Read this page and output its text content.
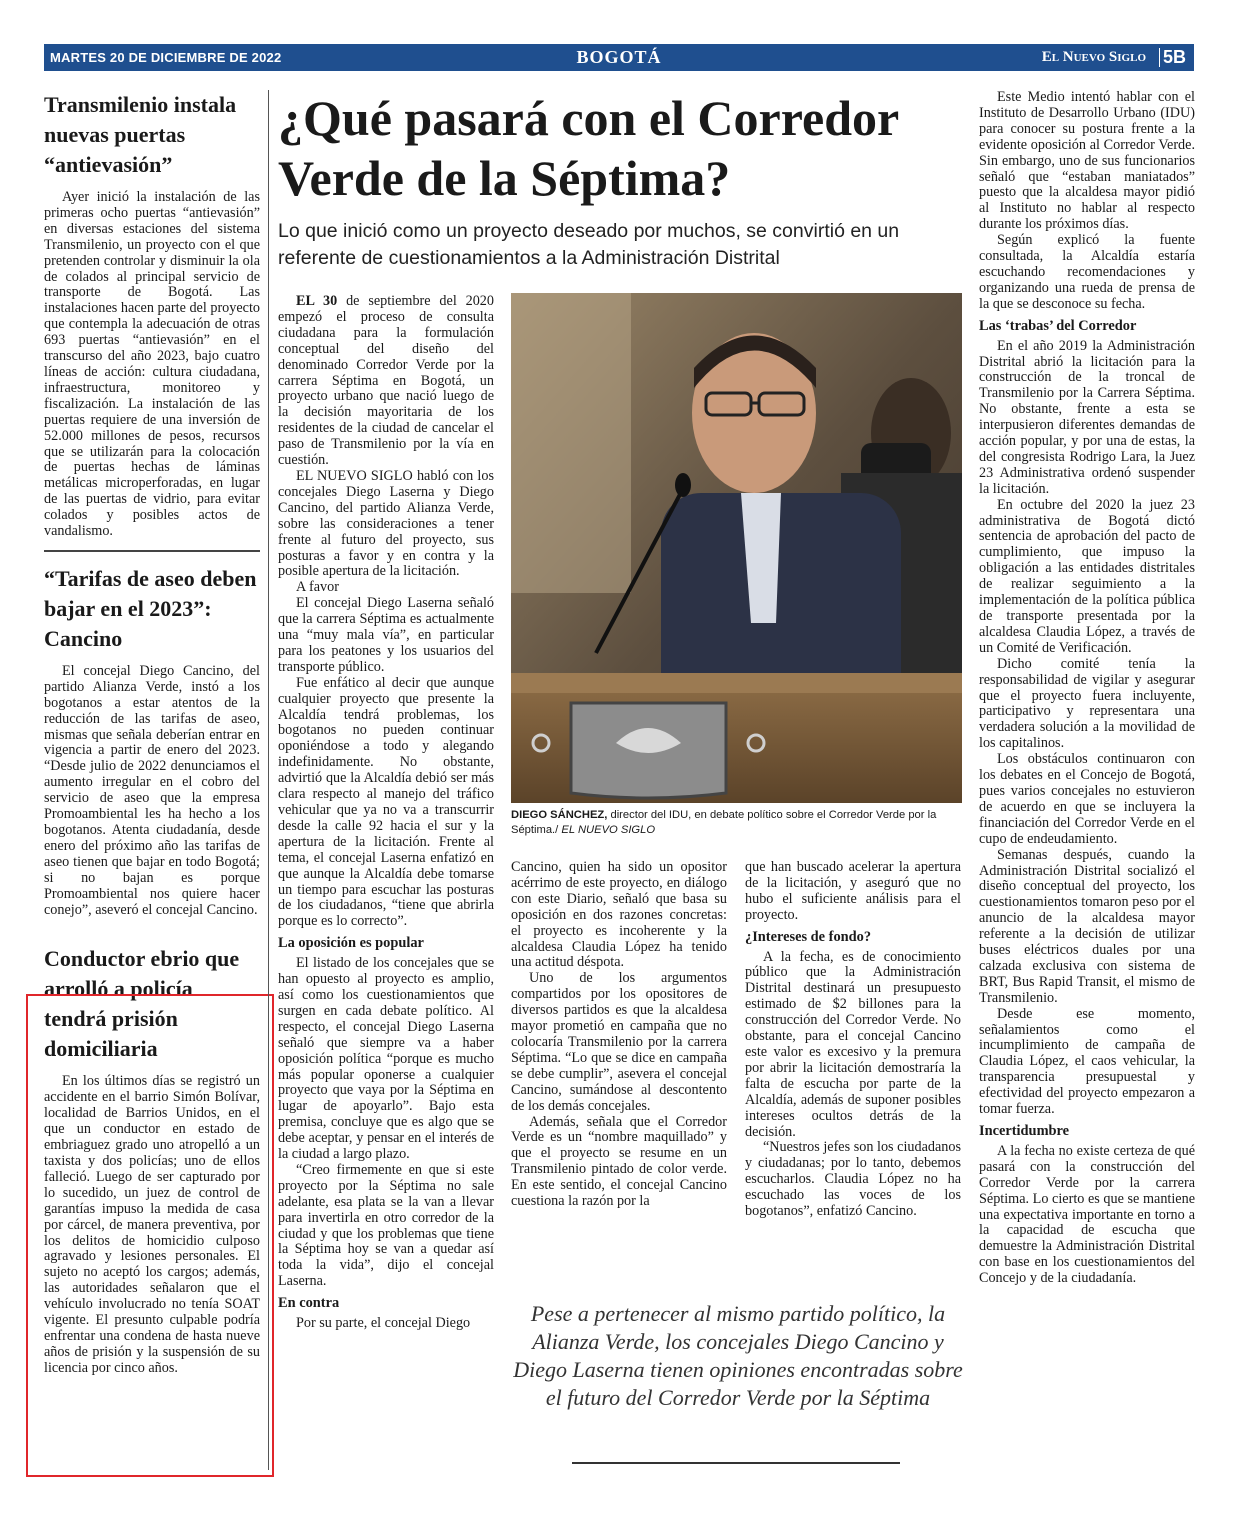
MARTES 20 DE DICIEMBRE DE 2022	BOGOTÁ	El Nuevo Siglo 5B
Transmilenio instala nuevas puertas “antievasión”

Ayer inició la instalación de las primeras ocho puertas “antievasión” en diversas estaciones del sistema Transmilenio, un proyecto con el que pretenden controlar y disminuir la ola de colados al principal servicio de transporte de Bogotá. Las instalaciones hacen parte del proyecto que contempla la adecuación de otras 693 puertas “antievasión” en el transcurso del año 2023, bajo cuatro líneas de acción: cultura ciudadana, infraestructura, monitoreo y fiscalización. La instalación de las puertas requiere de una inversión de 52.000 millones de pesos, recursos que se utilizarán para la colocación de puertas hechas de láminas metálicas microperforadas, en lugar de las puertas de vidrio, para evitar colados y posibles actos de vandalismo.

“Tarifas de aseo deben bajar en el 2023”: Cancino

El concejal Diego Cancino, del partido Alianza Verde, instó a los bogotanos a estar atentos de la reducción de las tarifas de aseo, mismas que señala deberían entrar en vigencia a partir de enero del 2023. “Desde julio de 2022 denunciamos el aumento irregular en el cobro del servicio de aseo que la empresa Promoambiental les ha hecho a los bogotanos. Atenta ciudadanía, desde enero del próximo año las tarifas de aseo tienen que bajar en todo Bogotá; si no bajan es porque Promoambiental nos quiere hacer conejo”, aseveró el concejal Cancino.

Conductor ebrio que arrolló a policía tendrá prisión domiciliaria

En los últimos días se registró un accidente en el barrio Simón Bolívar, localidad de Barrios Unidos, en el que un conductor en estado de embriaguez grado uno atropelló a un taxista y dos policías; uno de ellos falleció. Luego de ser capturado por lo sucedido, un juez de control de garantías impuso la medida de casa por cárcel, de manera preventiva, por los delitos de homicidio culposo agravado y lesiones personales. El sujeto no aceptó los cargos; además, las autoridades señalaron que el vehículo involucrado no tenía SOAT vigente. El presunto culpable podría enfrentar una condena de hasta nueve años de prisión y la suspensión de su licencia por cinco años.

¿Qué pasará con el Corredor Verde de la Séptima?
Lo que inició como un proyecto deseado por muchos, se convirtió en un referente de cuestionamientos a la Administración Distrital

EL 30 de septiembre del 2020 empezó el proceso de consulta ciudadana para la formulación conceptual del diseño del denominado Corredor Verde por la carrera Séptima en Bogotá, un proyecto urbano que nació luego de la decisión mayoritaria de los residentes de la ciudad de cancelar el paso de Transmilenio por la vía en cuestión.

EL NUEVO SIGLO habló con los concejales Diego Laserna y Diego Cancino, del partido Alianza Verde, sobre las consideraciones a tener frente al futuro del proyecto, sus posturas a favor y en contra y la posible apertura de la licitación.

A favor

El concejal Diego Laserna señaló que la carrera Séptima es actualmente una “muy mala vía”, en particular para los peatones y los usuarios del transporte público.

Fue enfático al decir que aunque cualquier proyecto que presente la Alcaldía tendrá problemas, los bogotanos no pueden continuar oponiéndose a todo y alegando indefinidamente. No obstante, advirtió que la Alcaldía debió ser más clara respecto al manejo del tráfico vehicular que ya no va a transcurrir desde la calle 92 hacia el sur y la apertura de la licitación. Frente al tema, el concejal Laserna enfatizó en que aunque la Alcaldía debe tomarse un tiempo para escuchar las posturas de los ciudadanos, “tiene que abrirla porque es lo correcto”.

La oposición es popular

El listado de los concejales que se han opuesto al proyecto es amplio, así como los cuestionamientos que surgen en cada debate político. Al respecto, el concejal Diego Laserna señaló que siempre va a haber oposición política “porque es mucho más popular oponerse a cualquier proyecto que vaya por la Séptima en lugar de apoyarlo”. Bajo esta premisa, concluye que es algo que se debe aceptar, y pensar en el interés de la ciudad a largo plazo.

“Creo firmemente en que si este proyecto por la Séptima no sale adelante, esa plata se la van a llevar para invertirla en otro corredor de la ciudad y que los problemas que tiene la Séptima hoy se van a quedar así toda la vida”, dijo el concejal Laserna.

En contra

Por su parte, el concejal Diego

DIEGO SÁNCHEZ, director del IDU, en debate político sobre el Corredor Verde por la Séptima./ EL NUEVO SIGLO

Cancino, quien ha sido un opositor acérrimo de este proyecto, en diálogo con este Diario, señaló que basa su oposición en dos razones concretas: el proyecto es incoherente y la alcaldesa Claudia López ha tenido una actitud déspota.

Uno de los argumentos compartidos por los opositores de diversos partidos es que la alcaldesa mayor prometió en campaña que no colocaría Transmilenio por la carrera Séptima. “Lo que se dice en campaña se debe cumplir”, asevera el concejal Cancino, sumándose al descontento de los demás concejales.

Además, señala que el Corredor Verde es un “nombre maquillado” y que el proyecto se resume en un Transmilenio pintado de color verde. En este sentido, el concejal Cancino cuestiona la razón por la

que han buscado acelerar la apertura de la licitación, y aseguró que no hubo el suficiente análisis para el proyecto.

¿Intereses de fondo?

A la fecha, es de conocimiento público que la Administración Distrital destinará un presupuesto estimado de $2 billones para la construcción del Corredor Verde. No obstante, para el concejal Cancino este valor es excesivo y la premura por abrir la licitación demostraría la falta de escucha por parte de la Alcaldía, además de suponer posibles intereses ocultos detrás de la decisión.

“Nuestros jefes son los ciudadanos y ciudadanas; por lo tanto, debemos escucharlos. Claudia López no ha escuchado las voces de los bogotanos”, enfatizó Cancino.

Pese a pertenecer al mismo partido político, la Alianza Verde, los concejales Diego Cancino y Diego Laserna tienen opiniones encontradas sobre el futuro del Corredor Verde por la Séptima

Este Medio intentó hablar con el Instituto de Desarrollo Urbano (IDU) para conocer su postura frente a la evidente oposición al Corredor Verde. Sin embargo, uno de sus funcionarios señaló que “estaban maniatados” puesto que la alcaldesa mayor pidió al Instituto no hablar al respecto durante los próximos días.

Según explicó la fuente consultada, la Alcaldía estaría escuchando recomendaciones y organizando una rueda de prensa de la que se desconoce su fecha.

Las ‘trabas’ del Corredor

En el año 2019 la Administración Distrital abrió la licitación para la construcción de la troncal de Transmilenio por la Carrera Séptima. No obstante, frente a esta se interpusieron diferentes demandas de acción popular, y por una de estas, la del congresista Rodrigo Lara, la Juez 23 Administrativa ordenó suspender la licitación.

En octubre del 2020 la juez 23 administrativa de Bogotá dictó sentencia de aprobación del pacto de cumplimiento, que impuso la obligación a las entidades distritales de realizar seguimiento a la implementación de la política pública de transporte presentada por la alcaldesa Claudia López, a través de un Comité de Verificación.

Dicho comité tenía la responsabilidad de vigilar y asegurar que el proyecto fuera incluyente, participativo y representara una verdadera solución a la movilidad de los capitalinos.

Los obstáculos continuaron con los debates en el Concejo de Bogotá, pues varios concejales no estuvieron de acuerdo en que se incluyera la financiación del Corredor Verde en el cupo de endeudamiento.

Semanas después, cuando la Administración Distrital socializó el diseño conceptual del proyecto, los cuestionamientos tomaron peso por el anuncio de la alcaldesa mayor referente a la decisión de utilizar buses eléctricos duales por una calzada exclusiva con sistema de BRT, Bus Rapid Transit, el mismo de Transmilenio.

Desde ese momento, señalamientos como el incumplimiento de campaña de Claudia López, el caos vehicular, la transparencia presupuestal y efectividad del proyecto empezaron a tomar fuerza.

Incertidumbre

A la fecha no existe certeza de qué pasará con la construcción del Corredor Verde por la carrera Séptima. Lo cierto es que se mantiene una expectativa importante en torno a la capacidad de escucha que demuestre la Administración Distrital con base en los cuestionamientos del Concejo y de la ciudadanía.
